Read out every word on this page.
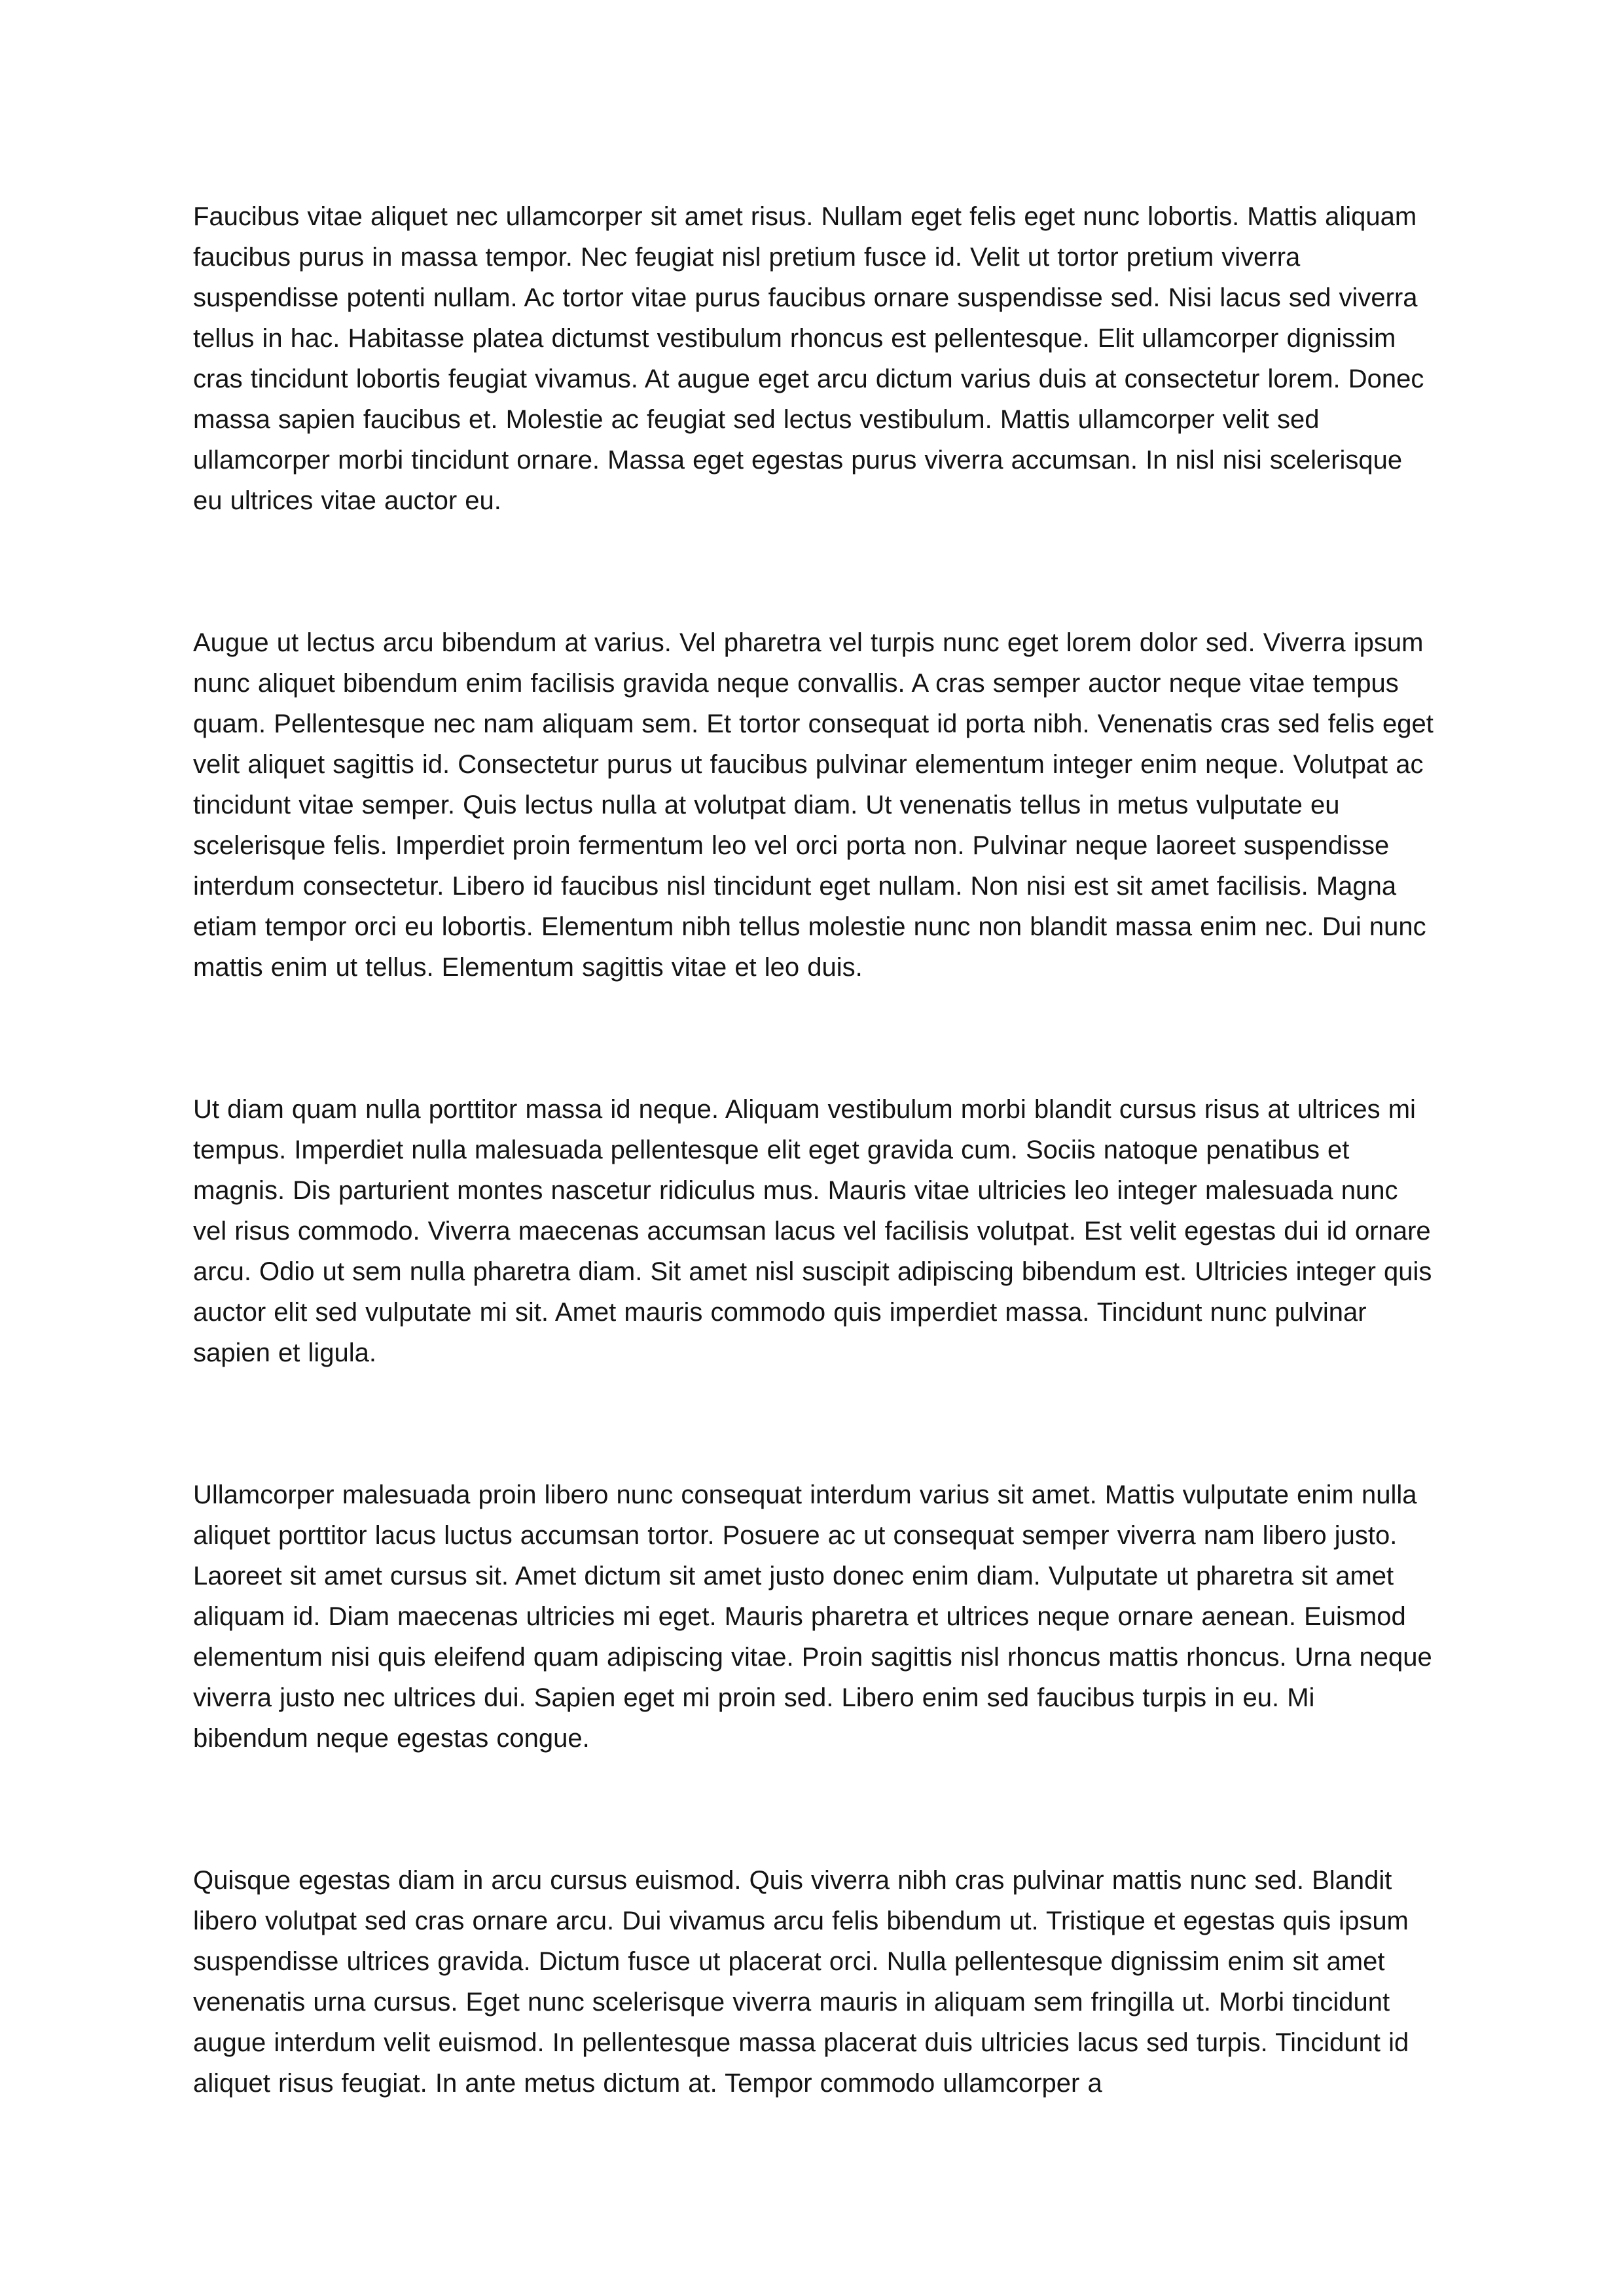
Faucibus vitae aliquet nec ullamcorper sit amet risus. Nullam eget felis eget nunc lobortis. Mattis aliquam faucibus purus in massa tempor. Nec feugiat nisl pretium fusce id. Velit ut tortor pretium viverra suspendisse potenti nullam. Ac tortor vitae purus faucibus ornare suspendisse sed. Nisi lacus sed viverra tellus in hac. Habitasse platea dictumst vestibulum rhoncus est pellentesque. Elit ullamcorper dignissim cras tincidunt lobortis feugiat vivamus. At augue eget arcu dictum varius duis at consectetur lorem. Donec massa sapien faucibus et. Molestie ac feugiat sed lectus vestibulum. Mattis ullamcorper velit sed ullamcorper morbi tincidunt ornare. Massa eget egestas purus viverra accumsan. In nisl nisi scelerisque eu ultrices vitae auctor eu.

Augue ut lectus arcu bibendum at varius. Vel pharetra vel turpis nunc eget lorem dolor sed. Viverra ipsum nunc aliquet bibendum enim facilisis gravida neque convallis. A cras semper auctor neque vitae tempus quam. Pellentesque nec nam aliquam sem. Et tortor consequat id porta nibh. Venenatis cras sed felis eget velit aliquet sagittis id. Consectetur purus ut faucibus pulvinar elementum integer enim neque. Volutpat ac tincidunt vitae semper. Quis lectus nulla at volutpat diam. Ut venenatis tellus in metus vulputate eu scelerisque felis. Imperdiet proin fermentum leo vel orci porta non. Pulvinar neque laoreet suspendisse interdum consectetur. Libero id faucibus nisl tincidunt eget nullam. Non nisi est sit amet facilisis. Magna etiam tempor orci eu lobortis. Elementum nibh tellus molestie nunc non blandit massa enim nec. Dui nunc mattis enim ut tellus. Elementum sagittis vitae et leo duis.

Ut diam quam nulla porttitor massa id neque. Aliquam vestibulum morbi blandit cursus risus at ultrices mi tempus. Imperdiet nulla malesuada pellentesque elit eget gravida cum. Sociis natoque penatibus et magnis. Dis parturient montes nascetur ridiculus mus. Mauris vitae ultricies leo integer malesuada nunc vel risus commodo. Viverra maecenas accumsan lacus vel facilisis volutpat. Est velit egestas dui id ornare arcu. Odio ut sem nulla pharetra diam. Sit amet nisl suscipit adipiscing bibendum est. Ultricies integer quis auctor elit sed vulputate mi sit. Amet mauris commodo quis imperdiet massa. Tincidunt nunc pulvinar sapien et ligula.

Ullamcorper malesuada proin libero nunc consequat interdum varius sit amet. Mattis vulputate enim nulla aliquet porttitor lacus luctus accumsan tortor. Posuere ac ut consequat semper viverra nam libero justo. Laoreet sit amet cursus sit. Amet dictum sit amet justo donec enim diam. Vulputate ut pharetra sit amet aliquam id. Diam maecenas ultricies mi eget. Mauris pharetra et ultrices neque ornare aenean. Euismod elementum nisi quis eleifend quam adipiscing vitae. Proin sagittis nisl rhoncus mattis rhoncus. Urna neque viverra justo nec ultrices dui. Sapien eget mi proin sed. Libero enim sed faucibus turpis in eu. Mi bibendum neque egestas congue.

Quisque egestas diam in arcu cursus euismod. Quis viverra nibh cras pulvinar mattis nunc sed. Blandit libero volutpat sed cras ornare arcu. Dui vivamus arcu felis bibendum ut. Tristique et egestas quis ipsum suspendisse ultrices gravida. Dictum fusce ut placerat orci. Nulla pellentesque dignissim enim sit amet venenatis urna cursus. Eget nunc scelerisque viverra mauris in aliquam sem fringilla ut. Morbi tincidunt augue interdum velit euismod. In pellentesque massa placerat duis ultricies lacus sed turpis. Tincidunt id aliquet risus feugiat. In ante metus dictum at. Tempor commodo ullamcorper a
